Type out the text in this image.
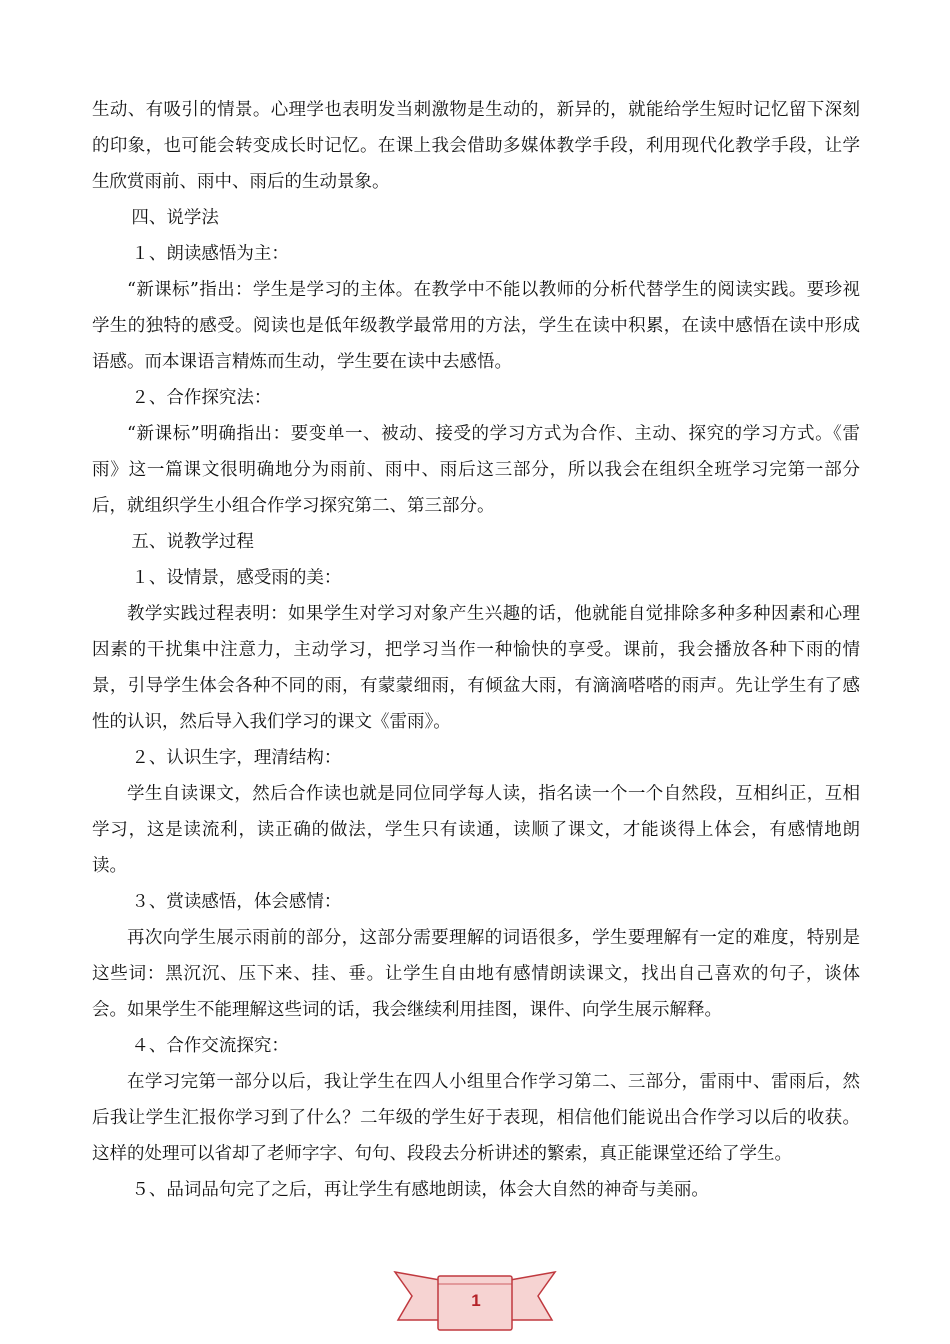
生动、有吸引的情景。心理学也表明发当刺激物是生动的，新异的，就能给学生短时记忆留下深刻的印象，也可能会转变成长时记忆。在课上我会借助多媒体教学手段，利用现代化教学手段，让学生欣赏雨前、雨中、雨后的生动景象。

四、说学法

１、朗读感悟为主：

“新课标”指出：学生是学习的主体。在教学中不能以教师的分析代替学生的阅读实践。要珍视学生的独特的感受。阅读也是低年级教学最常用的方法，学生在读中积累，在读中感悟在读中形成语感。而本课语言精炼而生动，学生要在读中去感悟。

２、合作探究法：

“新课标”明确指出：要变单一、被动、接受的学习方式为合作、主动、探究的学习方式。《雷雨》这一篇课文很明确地分为雨前、雨中、雨后这三部分，所以我会在组织全班学习完第一部分后，就组织学生小组合作学习探究第二、第三部分。

五、说教学过程

１、设情景，感受雨的美：

教学实践过程表明：如果学生对学习对象产生兴趣的话，他就能自觉排除多种多种因素和心理因素的干扰集中注意力，主动学习，把学习当作一种愉快的享受。课前，我会播放各种下雨的情景，引导学生体会各种不同的雨，有蒙蒙细雨，有倾盆大雨，有滴滴嗒嗒的雨声。先让学生有了感性的认识，然后导入我们学习的课文《雷雨》。

２、认识生字，理清结构：

学生自读课文，然后合作读也就是同位同学每人读，指名读一个一个自然段，互相纠正，互相学习，这是读流利，读正确的做法，学生只有读通，读顺了课文，才能谈得上体会，有感情地朗读。

３、赏读感悟，体会感情：

再次向学生展示雨前的部分，这部分需要理解的词语很多，学生要理解有一定的难度，特别是这些词：黑沉沉、压下来、挂、垂。让学生自由地有感情朗读课文，找出自己喜欢的句子，谈体会。如果学生不能理解这些词的话，我会继续利用挂图，课件、向学生展示解释。

４、合作交流探究：

在学习完第一部分以后，我让学生在四人小组里合作学习第二、三部分，雷雨中、雷雨后，然后我让学生汇报你学习到了什么？二年级的学生好于表现，相信他们能说出合作学习以后的收获。这样的处理可以省却了老师字字、句句、段段去分析讲述的繁索，真正能课堂还给了学生。

５、品词品句完了之后，再让学生有感地朗读，体会大自然的神奇与美丽。

1
